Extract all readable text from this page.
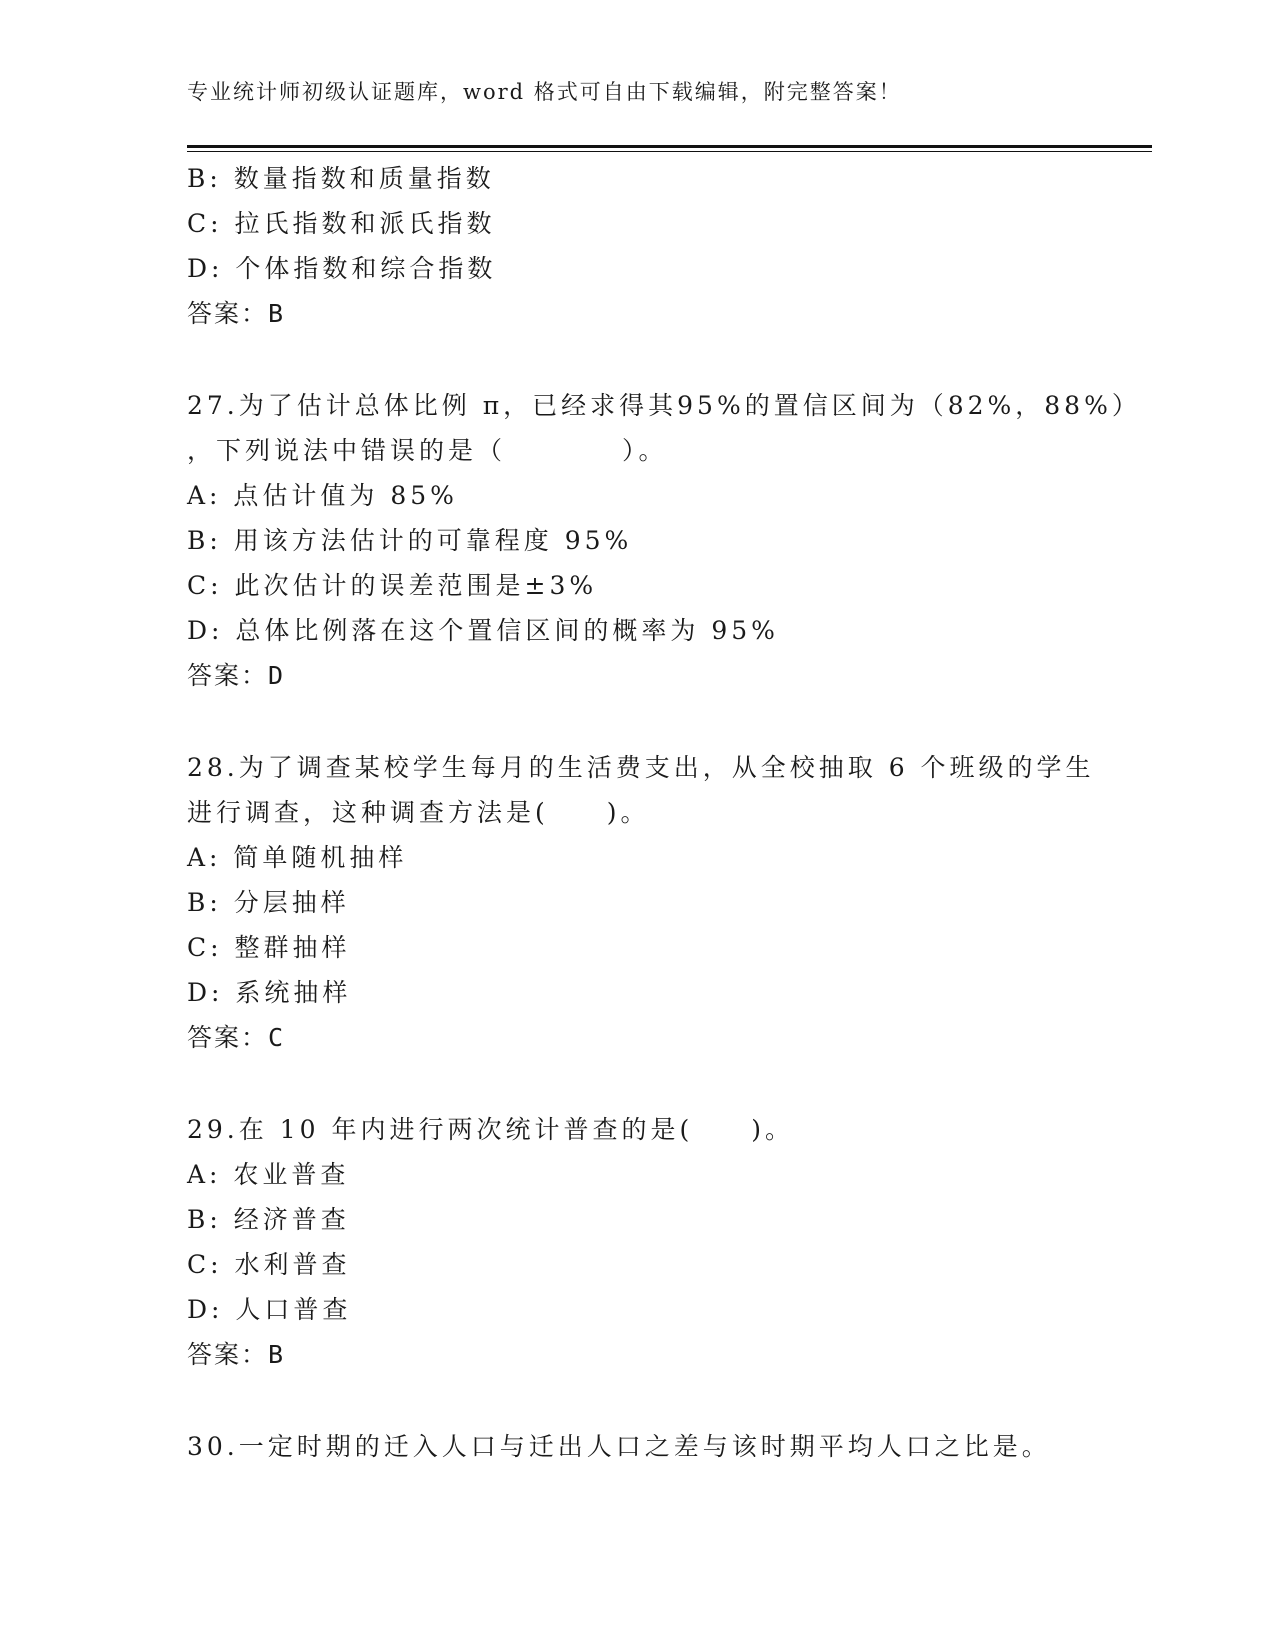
专业统计师初级认证题库，word 格式可自由下载编辑，附完整答案！
B: 数量指数和质量指数
C: 拉氏指数和派氏指数
D: 个体指数和综合指数
答案：B
27.为了估计总体比例 π，已经求得其95%的置信区间为（82%，88%）
，下列说法中错误的是（　　　　）。
A: 点估计值为 85%
B: 用该方法估计的可靠程度 95%
C: 此次估计的误差范围是±3%
D: 总体比例落在这个置信区间的概率为 95%
答案：D
28.为了调查某校学生每月的生活费支出，从全校抽取 6 个班级的学生
进行调查，这种调查方法是(　　)。
A: 简单随机抽样
B: 分层抽样
C: 整群抽样
D: 系统抽样
答案：C
29.在 10 年内进行两次统计普查的是(　　)。
A: 农业普查
B: 经济普查
C: 水利普查
D: 人口普查
答案：B
30.一定时期的迁入人口与迁出人口之差与该时期平均人口之比是。
